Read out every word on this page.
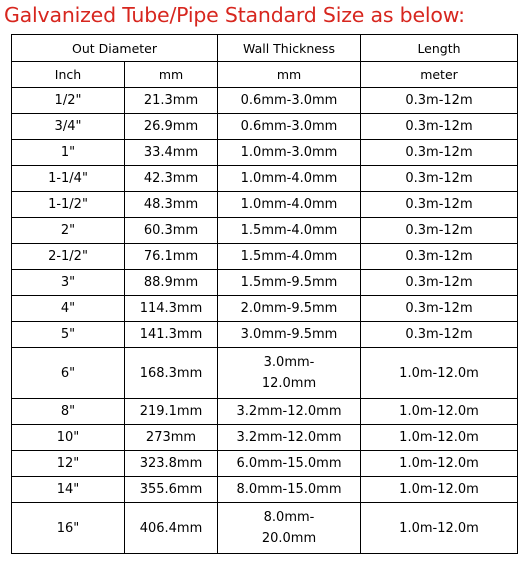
Galvanized Tube/Pipe Standard Size as below:
Out Diameter		Wall Thickness	Length
Inch	mm	mm	meter
1/2"	21.3mm	0.6mm-3.0mm	0.3m-12m
3/4"	26.9mm	0.6mm-3.0mm	0.3m-12m
1"	33.4mm	1.0mm-3.0mm	0.3m-12m
1-1/4"	42.3mm	1.0mm-4.0mm	0.3m-12m
1-1/2"	48.3mm	1.0mm-4.0mm	0.3m-12m
2"	60.3mm	1.5mm-4.0mm	0.3m-12m
2-1/2"	76.1mm	1.5mm-4.0mm	0.3m-12m
3"	88.9mm	1.5mm-9.5mm	0.3m-12m
4"	114.3mm	2.0mm-9.5mm	0.3m-12m
5"	141.3mm	3.0mm-9.5mm	0.3m-12m
6"	168.3mm	3.0mm-12.0mm	1.0m-12.0m
8"	219.1mm	3.2mm-12.0mm	1.0m-12.0m
10"	273mm	3.2mm-12.0mm	1.0m-12.0m
12"	323.8mm	6.0mm-15.0mm	1.0m-12.0m
14"	355.6mm	8.0mm-15.0mm	1.0m-12.0m
16"	406.4mm	8.0mm-20.0mm	1.0m-12.0m
